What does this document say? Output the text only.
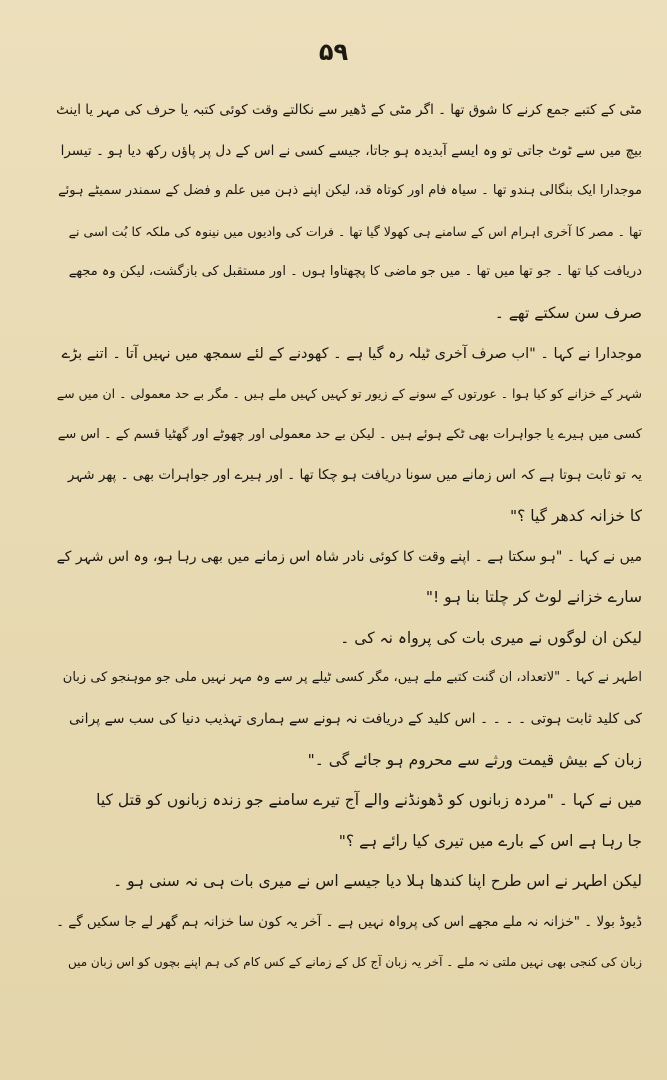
۵۹
مٹی کے کتبے جمع کرنے کا شوق تھا ۔ اگر مٹی کے ڈھیر سے نکالتے وقت کوئی کتبہ یا حرف کی مہر یا اینٹ
بیچ میں سے ٹوٹ جاتی تو وہ ایسے آبدیدہ ہو جاتا، جیسے کسی نے اس کے دل پر پاؤں رکھ دیا ہو ۔ تیسرا
موجدارا ایک بنگالی ہندو تھا ۔ سیاہ فام اور کوتاہ قد، لیکن اپنے ذہن میں علم و فضل کے سمندر سمیٹے ہوئے
تھا ۔ مصر کا آخری اہرام اس کے سامنے ہی کھولا گیا تھا ۔ فرات کی وادیوں میں نینوہ کی ملکہ کا بُت اسی نے
دریافت کیا تھا ۔ جو تھا میں تھا ۔ میں جو ماضی کا پچھتاوا ہوں ۔ اور مستقبل کی بازگشت، لیکن وہ مجھے
صرف سن سکتے تھے ۔
موجدارا نے کہا ۔ "اب صرف آخری ٹیلہ رہ گیا ہے ۔ کھودنے کے لئے سمجھ میں نہیں آتا ۔ اتنے بڑے
شہر کے خزانے کو کیا ہوا ۔ عورتوں کے سونے کے زیور تو کہیں کہیں ملے ہیں ۔ مگر بے حد معمولی ۔ ان میں سے
کسی میں ہیرے یا جواہرات بھی ٹکے ہوئے ہیں ۔ لیکن بے حد معمولی اور چھوٹے اور گھٹیا قسم کے ۔ اس سے
یہ تو ثابت ہوتا ہے کہ اس زمانے میں سونا دریافت ہو چکا تھا ۔ اور ہیرے اور جواہرات بھی ۔ پھر شہر
کا خزانہ کدھر گیا ؟"
میں نے کہا ۔ "ہو سکتا ہے ۔ اپنے وقت کا کوئی نادر شاہ اس زمانے میں بھی رہا ہو، وہ اس شہر کے
سارے خزانے لوٹ کر چلتا بنا ہو !"
لیکن ان لوگوں نے میری بات کی پرواہ نہ کی ۔
اطہر نے کہا ۔ "لاتعداد، ان گنت کتبے ملے ہیں، مگر کسی ٹیلے پر سے وہ مہر نہیں ملی جو موہنجو کی زبان
کی کلید ثابت ہوتی ۔ ۔ ۔ ۔ اس کلید کے دریافت نہ ہونے سے ہماری تہذیب دنیا کی سب سے پرانی
زبان کے بیش قیمت ورثے سے محروم ہو جائے گی ۔"
میں نے کہا ۔ "مردہ زبانوں کو ڈھونڈنے والے آج تیرے سامنے جو زندہ زبانوں کو قتل کیا
جا رہا ہے اس کے بارے میں تیری کیا رائے ہے ؟"
لیکن اطہر نے اس طرح اپنا کندھا ہلا دیا جیسے اس نے میری بات ہی نہ سنی ہو ۔
ڈیوڈ بولا ۔ "خزانہ نہ ملے مجھے اس کی پرواہ نہیں ہے ۔ آخر یہ کون سا خزانہ ہم گھر لے جا سکیں گے ۔
زبان کی کنجی بھی نہیں ملتی نہ ملے ۔ آخر یہ زبان آج کل کے زمانے کے کس کام کی ہم اپنے بچوں کو اس زبان میں
